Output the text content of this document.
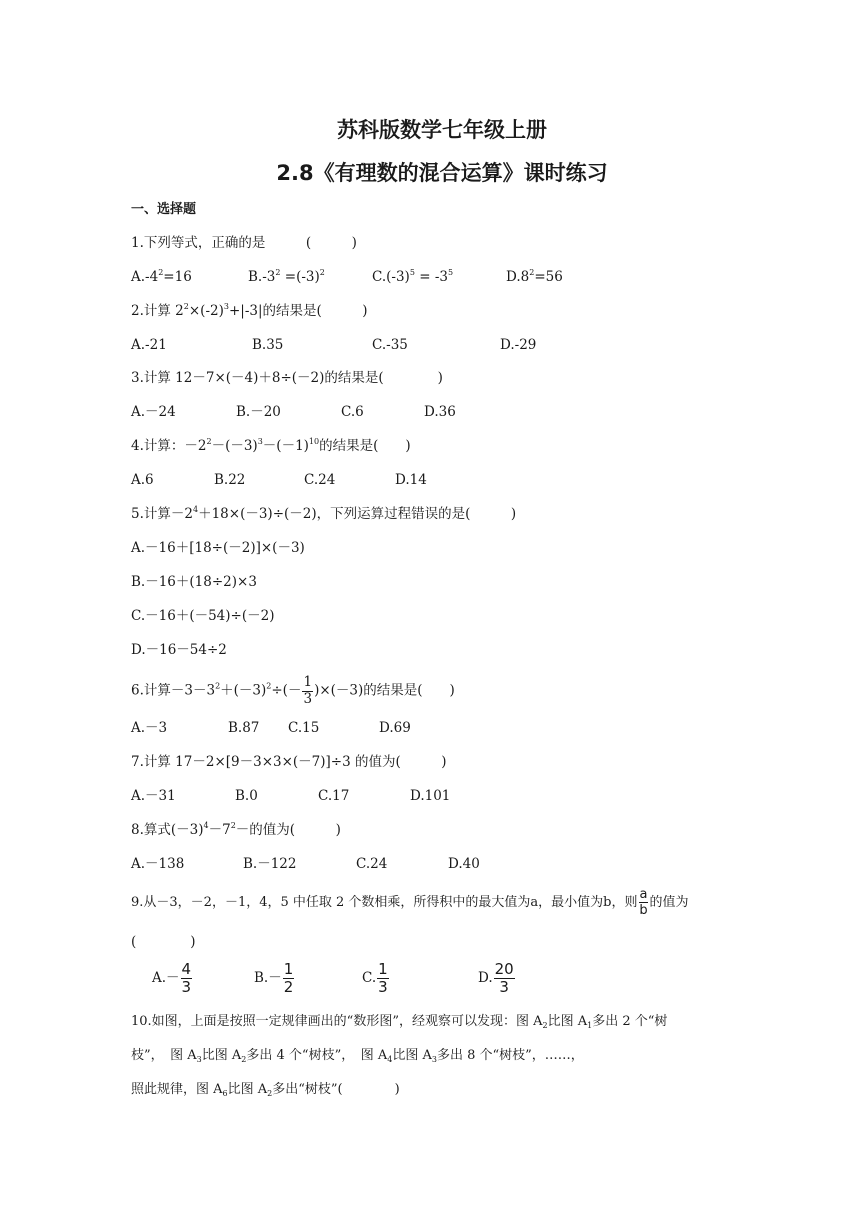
苏科版数学七年级上册
2.8《有理数的混合运算》课时练习
一、选择题
1.下列等式，正确的是　　　(　　　)
$A.-4^2=16$	$B.-3^2 =(-3)^2$	$C.(-3)^5 = -3^5$	$D.8^2=56$
2.计算 $2^2\times(-2)^3+|-3|$的结果是(　　　)
A.-21	B.35	C.-35	D.-29
3.计算 12－7×(－4)＋8÷(－2)的结果是(　　　　)
A.－24	B.－20	C.6	D.36
4.计算：$-2^2-(-3)^3-(-1)^{10}$的结果是(　　)
A.6	B.22	C.24	D.14
5.计算$-2^4+18\times(-3)\div(-2)$，下列运算过程错误的是(　　　)
A.－16＋[18÷(－2)]×(－3)
B.－16＋(18÷2)×3
C.－16＋(－54)÷(－2)
D.－16－54÷2
6.计算$-3-3^2+(-3)^2\div(- \frac{1}{3} )\times(-3)$的结果是(　　)
A.－3	B.87 C.15	D.69
7.计算 17－2×[9－3×3×(－7)]÷3 的值为(　　　)
A.－31	B.0	C.17	D.101
8.算式$(-3)^4-7^2-$的值为(　　　)
A.－138	B.－122	C.24	D.40
9.从－3，－2，－1，4，5 中任取 2 个数相乘，所得积中的最大值为a，最小值为b，则 $\frac{a}{b}$ 的值为
(　　　　)
$A.- \frac{4}{3}$	$B.- \frac{1}{2}$	C. $\frac{1}{3}$	D. $\frac{20}{3}$
10.如图，上面是按照一定规律画出的“数形图”，经观察可以发现：图 $A_2$比图 $A_1$多出 2 个“树
枝”，　图 $A_3$比图 $A_2$多出 4 个“树枝”，　图 $A_4$比图 $A_3$多出 8 个“树枝”，……，
照此规律，图 $A_6$比图 $A_2$多出“树枝”(　　　　)
